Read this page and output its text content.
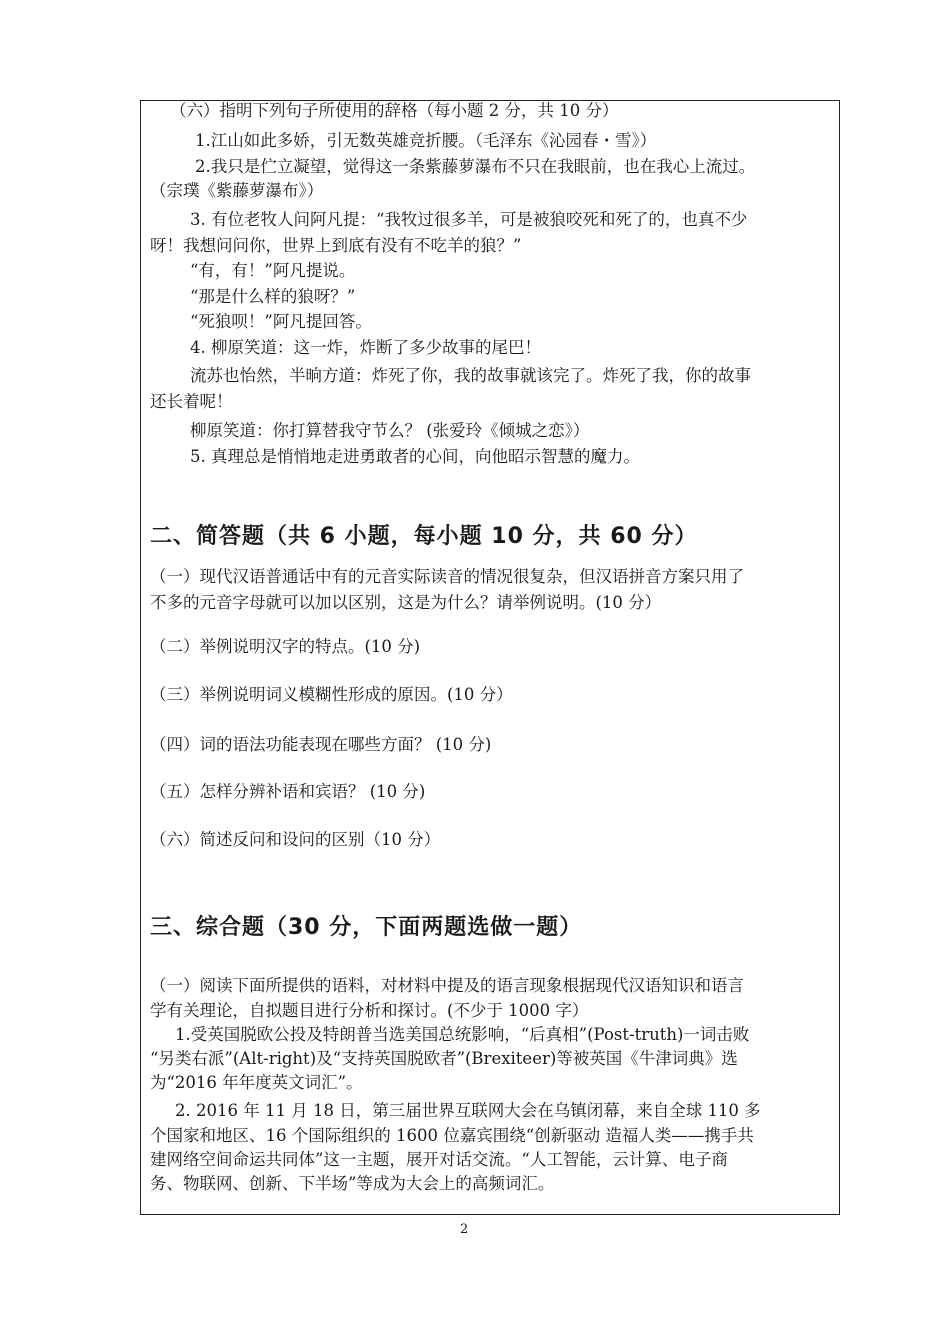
（六）指明下列句子所使用的辞格（每小题 2 分，共 10 分）
1.江山如此多娇，引无数英雄竞折腰。（毛泽东《沁园春・雪》）
2.我只是伫立凝望，觉得这一条紫藤萝瀑布不只在我眼前，也在我心上流过。
（宗璞《紫藤萝瀑布》）
3. 有位老牧人问阿凡提：“我牧过很多羊，可是被狼咬死和死了的，也真不少
呀！我想问问你，世界上到底有没有不吃羊的狼？”
“有，有！”阿凡提说。
“那是什么样的狼呀？”
“死狼呗！”阿凡提回答。
4. 柳原笑道：这一炸，炸断了多少故事的尾巴！
流苏也怡然，半晌方道：炸死了你，我的故事就该完了。炸死了我，你的故事
还长着呢！
柳原笑道：你打算替我守节么？ (张爱玲《倾城之恋》）
5. 真理总是悄悄地走进勇敢者的心间，向他昭示智慧的魔力。
二、简答题（共 6 小题，每小题 10 分，共 60 分）
（一）现代汉语普通话中有的元音实际读音的情况很复杂，但汉语拼音方案只用了
不多的元音字母就可以加以区别，这是为什么？请举例说明。(10 分）
（二）举例说明汉字的特点。(10 分)
（三）举例说明词义模糊性形成的原因。(10 分）
（四）词的语法功能表现在哪些方面？ (10 分)
（五）怎样分辨补语和宾语？ (10 分)
（六）简述反问和设问的区别（10 分）
三、综合题（30 分，下面两题选做一题）
（一）阅读下面所提供的语料，对材料中提及的语言现象根据现代汉语知识和语言
学有关理论，自拟题目进行分析和探讨。(不少于 1000 字）
1.受英国脱欧公投及特朗普当选美国总统影响，“后真相”(Post-truth)一词击败
“另类右派”(Alt-right)及“支持英国脱欧者”(Brexiteer)等被英国《牛津词典》选
为“2016 年年度英文词汇”。
2. 2016 年 11 月 18 日，第三届世界互联网大会在乌镇闭幕，来自全球 110 多
个国家和地区、16 个国际组织的 1600 位嘉宾围绕“创新驱动 造福人类——携手共
建网络空间命运共同体”这一主题，展开对话交流。“人工智能，云计算、电子商
务、物联网、创新、下半场”等成为大会上的高频词汇。
2
